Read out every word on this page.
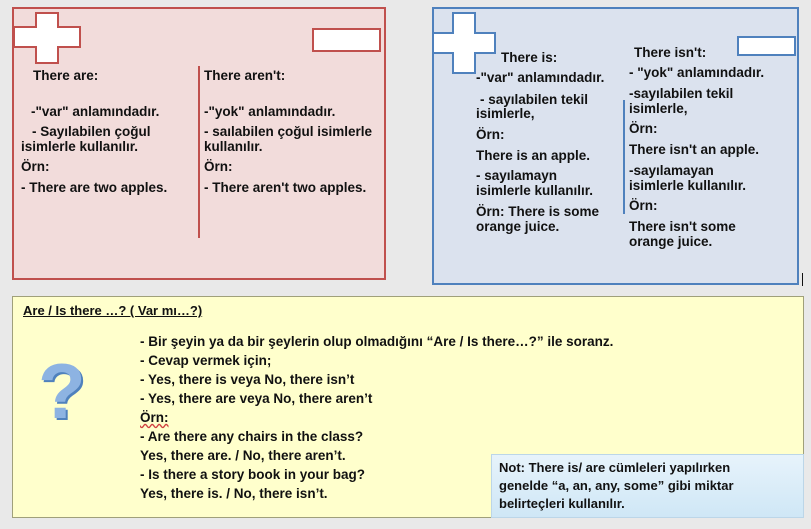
There are:
-"var" anlamındadır.
- Sayılabilen çoğul
isimlerle kullanılır.
Örn:
- There are two apples.
There aren't:
-"yok" anlamındadır.
- saılabilen çoğul isimlerle
kullanılır.
Örn:
- There aren't two apples.
There is:
-"var" anlamındadır.
- sayılabilen tekil
isimlerle,
Örn:
There is an apple.
- sayılamayn
isimlerle kullanılır.
Örn: There is some
orange juice.
There isn't:
- "yok" anlamındadır.
-sayılabilen tekil
isimlerle,
Örn:
There isn't an apple.
-sayılamayan
isimlerle kullanılır.
Örn:
There isn't some
orange juice.
Are / Is there …? ( Var mı…?)
?
- Bir şeyin ya da bir şeylerin olup olmadığını “Are / Is there…?” ile soranz.
- Cevap vermek için;
- Yes, there is veya No, there isn’t
- Yes, there are veya No, there aren’t
Örn:
- Are there any chairs in the class?
Yes, there are. / No, there aren’t.
- Is there a story book in your bag?
Yes, there is. / No, there isn’t.
Not: There is/ are cümleleri yapılırken
genelde “a, an, any, some” gibi miktar
belirteçleri kullanılır.
